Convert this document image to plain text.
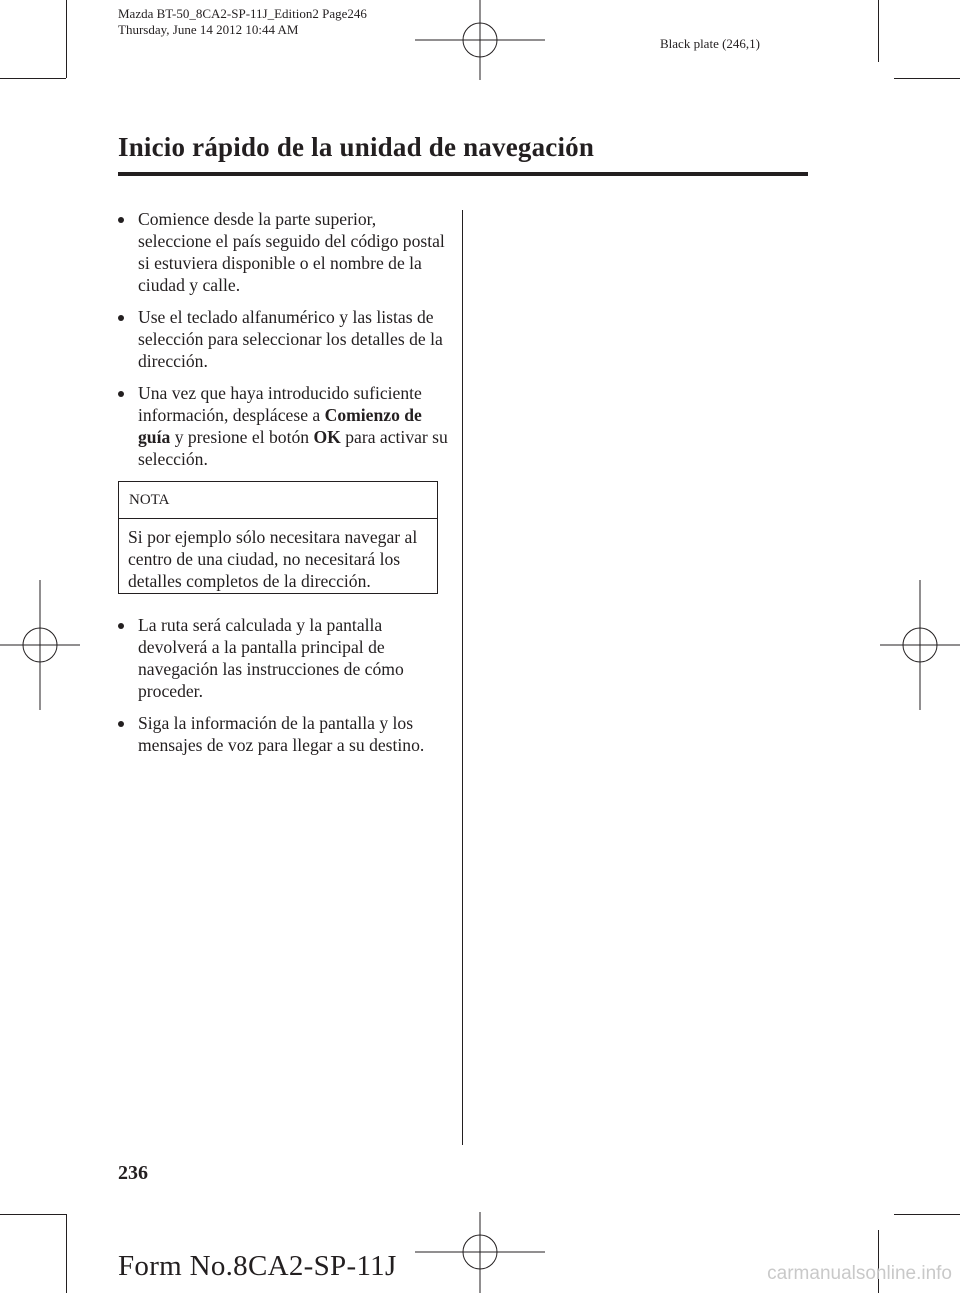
Mazda BT-50_8CA2-SP-11J_Edition2 Page246
Thursday, June 14 2012 10:44 AM
Black plate (246,1)
Inicio rápido de la unidad de navegación
Comience desde la parte superior, seleccione el país seguido del código postal si estuviera disponible o el nombre de la ciudad y calle.
Use el teclado alfanumérico y las listas de selección para seleccionar los detalles de la dirección.
Una vez que haya introducido suficiente información, desplácese a Comienzo de guía y presione el botón OK para activar su selección.
NOTA
Si por ejemplo sólo necesitara navegar al centro de una ciudad, no necesitará los detalles completos de la dirección.
La ruta será calculada y la pantalla devolverá a la pantalla principal de navegación las instrucciones de cómo proceder.
Siga la información de la pantalla y los mensajes de voz para llegar a su destino.
236
Form No.8CA2-SP-11J	carmanualsonline.info
